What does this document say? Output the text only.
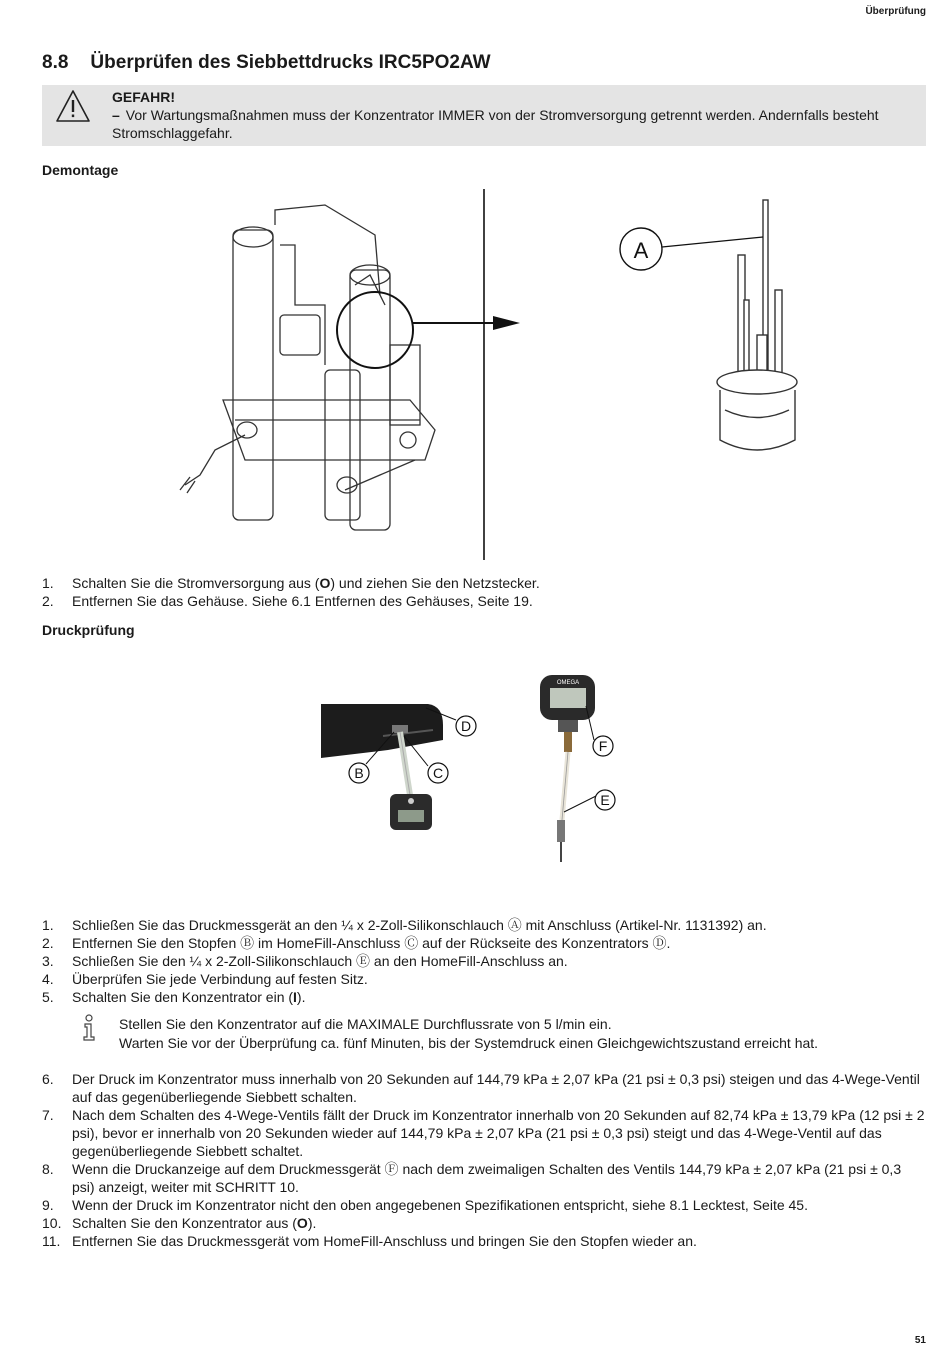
Überprüfung
8.8 Überprüfen des Siebbettdrucks IRC5PO2AW
GEFAHR!
– Vor Wartungsmaßnahmen muss der Konzentrator IMMER von der Stromversorgung getrennt werden. Andernfalls besteht Stromschlaggefahr.
Demontage
A
1.	Schalten Sie die Stromversorgung aus (O) und ziehen Sie den Netzstecker.
2.	Entfernen Sie das Gehäuse. Siehe 6.1 Entfernen des Gehäuses, Seite 19.
Druckprüfung
OMEGA
D
B	C
F
E
1.	Schließen Sie das Druckmessgerät an den ¼ x 2-Zoll-Silikonschlauch Ⓐ mit Anschluss (Artikel-Nr. 1131392) an.
2.	Entfernen Sie den Stopfen Ⓑ im HomeFill-Anschluss Ⓒ auf der Rückseite des Konzentrators Ⓓ.
3.	Schließen Sie den ¼ x 2-Zoll-Silikonschlauch Ⓔ an den HomeFill-Anschluss an.
4.	Überprüfen Sie jede Verbindung auf festen Sitz.
5.	Schalten Sie den Konzentrator ein (I).
Stellen Sie den Konzentrator auf die MAXIMALE Durchflussrate von 5 l/min ein.
Warten Sie vor der Überprüfung ca. fünf Minuten, bis der Systemdruck einen Gleichgewichtszustand erreicht hat.
6.	Der Druck im Konzentrator muss innerhalb von 20 Sekunden auf 144,79 kPa ± 2,07 kPa (21 psi ± 0,3 psi) steigen und das 4-Wege-Ventil auf das gegenüberliegende Siebbett schalten.
7.	Nach dem Schalten des 4-Wege-Ventils fällt der Druck im Konzentrator innerhalb von 20 Sekunden auf 82,74 kPa ± 13,79 kPa (12 psi ± 2 psi), bevor er innerhalb von 20 Sekunden wieder auf 144,79 kPa ± 2,07 kPa (21 psi ± 0,3 psi) steigt und das 4-Wege-Ventil auf das gegenüberliegende Siebbett schaltet.
8.	Wenn die Druckanzeige auf dem Druckmessgerät Ⓕ nach dem zweimaligen Schalten des Ventils 144,79 kPa ± 2,07 kPa (21 psi ± 0,3 psi) anzeigt, weiter mit SCHRITT 10.
9.	Wenn der Druck im Konzentrator nicht den oben angegebenen Spezifikationen entspricht, siehe 8.1 Lecktest, Seite 45.
10. Schalten Sie den Konzentrator aus (O).
11. Entfernen Sie das Druckmessgerät vom HomeFill-Anschluss und bringen Sie den Stopfen wieder an.
51
